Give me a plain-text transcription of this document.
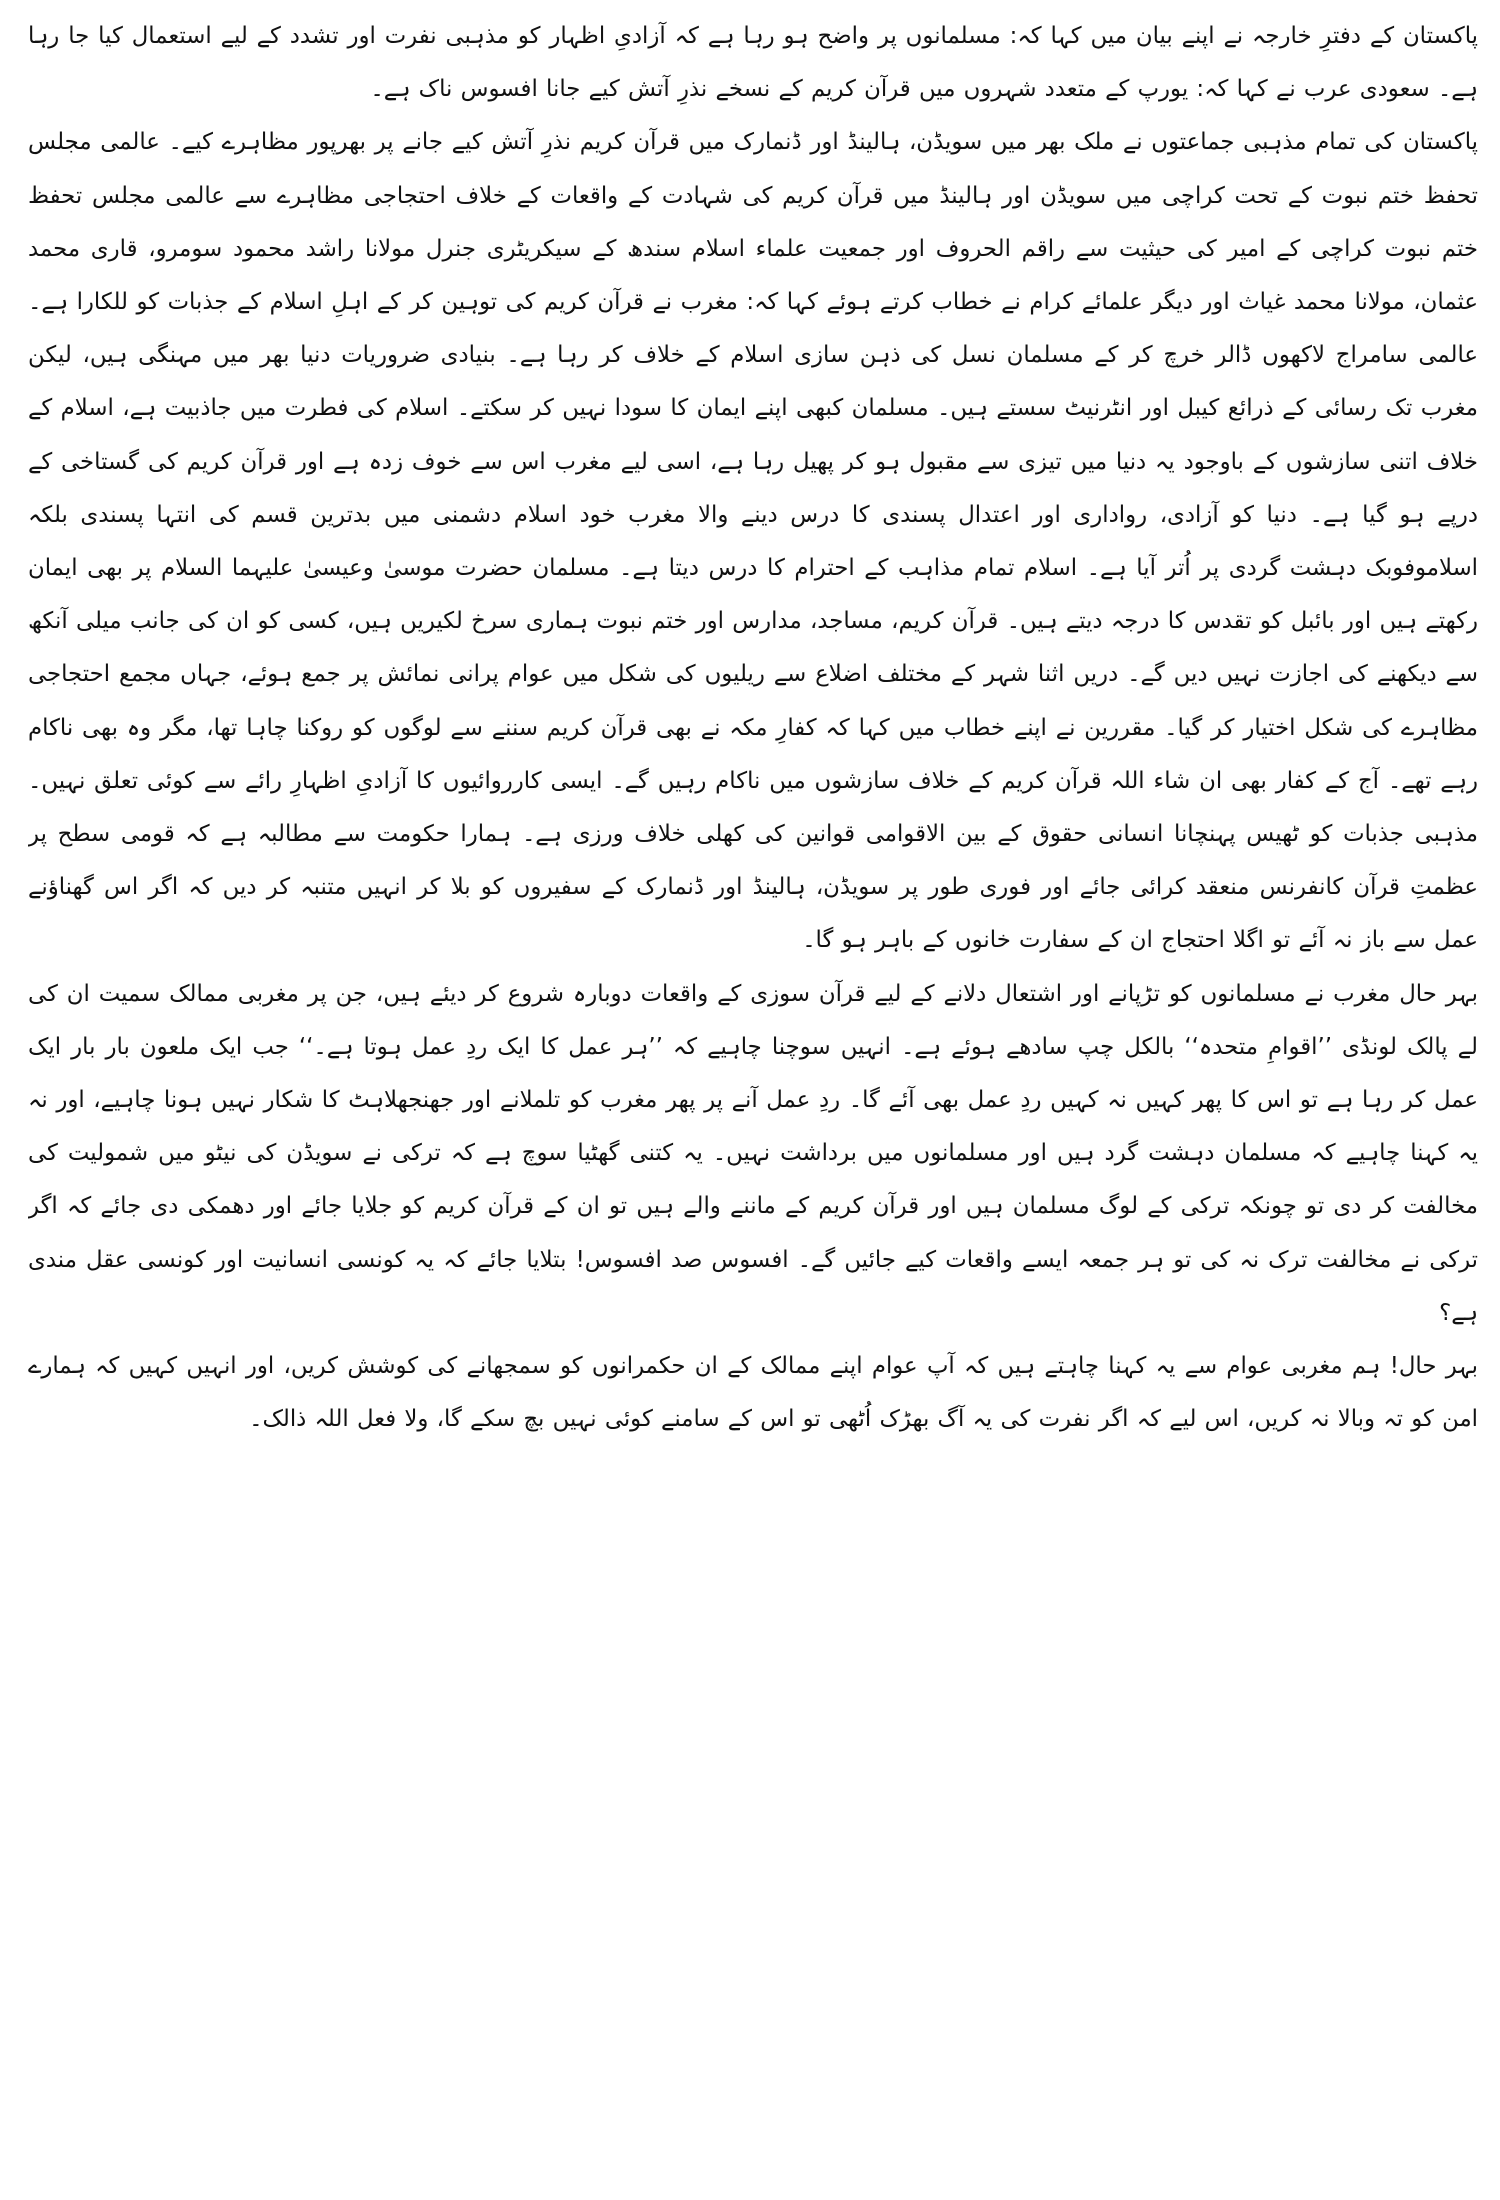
پاکستان کے دفترِ خارجہ نے اپنے بیان میں کہا کہ: مسلمانوں پر واضح ہو رہا ہے کہ آزادیِ اظہار کو مذہبی نفرت اور تشدد کے لیے استعمال کیا جا رہا ہے۔ سعودی عرب نے کہا کہ: یورپ کے متعدد شہروں میں قرآن کریم کے نسخے نذرِ آتش کیے جانا افسوس ناک ہے۔

پاکستان کی تمام مذہبی جماعتوں نے ملک بھر میں سویڈن، ہالینڈ اور ڈنمارک میں قرآن کریم نذرِ آتش کیے جانے پر بھرپور مظاہرے کیے۔ عالمی مجلس تحفظ ختم نبوت کے تحت کراچی میں سویڈن اور ہالینڈ میں قرآن کریم کی شہادت کے واقعات کے خلاف احتجاجی مظاہرے سے عالمی مجلس تحفظ ختم نبوت کراچی کے امیر کی حیثیت سے راقم الحروف اور جمعیت علماء اسلام سندھ کے سیکریٹری جنرل مولانا راشد محمود سومرو، قاری محمد عثمان، مولانا محمد غیاث اور دیگر علمائے کرام نے خطاب کرتے ہوئے کہا کہ: مغرب نے قرآن کریم کی توہین کر کے اہلِ اسلام کے جذبات کو للکارا ہے۔ عالمی سامراج لاکھوں ڈالر خرچ کر کے مسلمان نسل کی ذہن سازی اسلام کے خلاف کر رہا ہے۔ بنیادی ضروریات دنیا بھر میں مہنگی ہیں، لیکن مغرب تک رسائی کے ذرائع کیبل اور انٹرنیٹ سستے ہیں۔ مسلمان کبھی اپنے ایمان کا سودا نہیں کر سکتے۔ اسلام کی فطرت میں جاذبیت ہے، اسلام کے خلاف اتنی سازشوں کے باوجود یہ دنیا میں تیزی سے مقبول ہو کر پھیل رہا ہے، اسی لیے مغرب اس سے خوف زدہ ہے اور قرآن کریم کی گستاخی کے درپے ہو گیا ہے۔ دنیا کو آزادی، رواداری اور اعتدال پسندی کا درس دینے والا مغرب خود اسلام دشمنی میں بدترین قسم کی انتہا پسندی بلکہ اسلاموفوبک دہشت گردی پر اُتر آیا ہے۔ اسلام تمام مذاہب کے احترام کا درس دیتا ہے۔ مسلمان حضرت موسیٰ وعیسیٰ علیہما السلام پر بھی ایمان رکھتے ہیں اور بائبل کو تقدس کا درجہ دیتے ہیں۔ قرآن کریم، مساجد، مدارس اور ختم نبوت ہماری سرخ لکیریں ہیں، کسی کو ان کی جانب میلی آنکھ سے دیکھنے کی اجازت نہیں دیں گے۔ دریں اثنا شہر کے مختلف اضلاع سے ریلیوں کی شکل میں عوام پرانی نمائش پر جمع ہوئے، جہاں مجمع احتجاجی مظاہرے کی شکل اختیار کر گیا۔ مقررین نے اپنے خطاب میں کہا کہ کفارِ مکہ نے بھی قرآن کریم سننے سے لوگوں کو روکنا چاہا تھا، مگر وہ بھی ناکام رہے تھے۔ آج کے کفار بھی ان شاء اللہ قرآن کریم کے خلاف سازشوں میں ناکام رہیں گے۔ ایسی کارروائیوں کا آزادیِ اظہارِ رائے سے کوئی تعلق نہیں۔ مذہبی جذبات کو ٹھیس پہنچانا انسانی حقوق کے بین الاقوامی قوانین کی کھلی خلاف ورزی ہے۔ ہمارا حکومت سے مطالبہ ہے کہ قومی سطح پر عظمتِ قرآن کانفرنس منعقد کرائی جائے اور فوری طور پر سویڈن، ہالینڈ اور ڈنمارک کے سفیروں کو بلا کر انہیں متنبہ کر دیں کہ اگر اس گھناؤنے عمل سے باز نہ آئے تو اگلا احتجاج ان کے سفارت خانوں کے باہر ہو گا۔

بہر حال مغرب نے مسلمانوں کو تڑپانے اور اشتعال دلانے کے لیے قرآن سوزی کے واقعات دوبارہ شروع کر دیئے ہیں، جن پر مغربی ممالک سمیت ان کی لے پالک لونڈی ’’اقوامِ متحدہ‘‘ بالکل چپ سادھے ہوئے ہے۔ انہیں سوچنا چاہیے کہ ’’ہر عمل کا ایک ردِ عمل ہوتا ہے۔‘‘ جب ایک ملعون بار بار ایک عمل کر رہا ہے تو اس کا پھر کہیں نہ کہیں ردِ عمل بھی آئے گا۔ ردِ عمل آنے پر پھر مغرب کو تلملانے اور جھنجھلاہٹ کا شکار نہیں ہونا چاہیے، اور نہ یہ کہنا چاہیے کہ مسلمان دہشت گرد ہیں اور مسلمانوں میں برداشت نہیں۔ یہ کتنی گھٹیا سوچ ہے کہ ترکی نے سویڈن کی نیٹو میں شمولیت کی مخالفت کر دی تو چونکہ ترکی کے لوگ مسلمان ہیں اور قرآن کریم کے ماننے والے ہیں تو ان کے قرآن کریم کو جلایا جائے اور دھمکی دی جائے کہ اگر ترکی نے مخالفت ترک نہ کی تو ہر جمعہ ایسے واقعات کیے جائیں گے۔ افسوس صد افسوس! بتلایا جائے کہ یہ کونسی انسانیت اور کونسی عقل مندی ہے؟

بہر حال! ہم مغربی عوام سے یہ کہنا چاہتے ہیں کہ آپ عوام اپنے ممالک کے ان حکمرانوں کو سمجھانے کی کوشش کریں، اور انہیں کہیں کہ ہمارے امن کو تہ وبالا نہ کریں، اس لیے کہ اگر نفرت کی یہ آگ بھڑک اُٹھی تو اس کے سامنے کوئی نہیں بچ سکے گا، ولا فعل اللہ ذالک۔
